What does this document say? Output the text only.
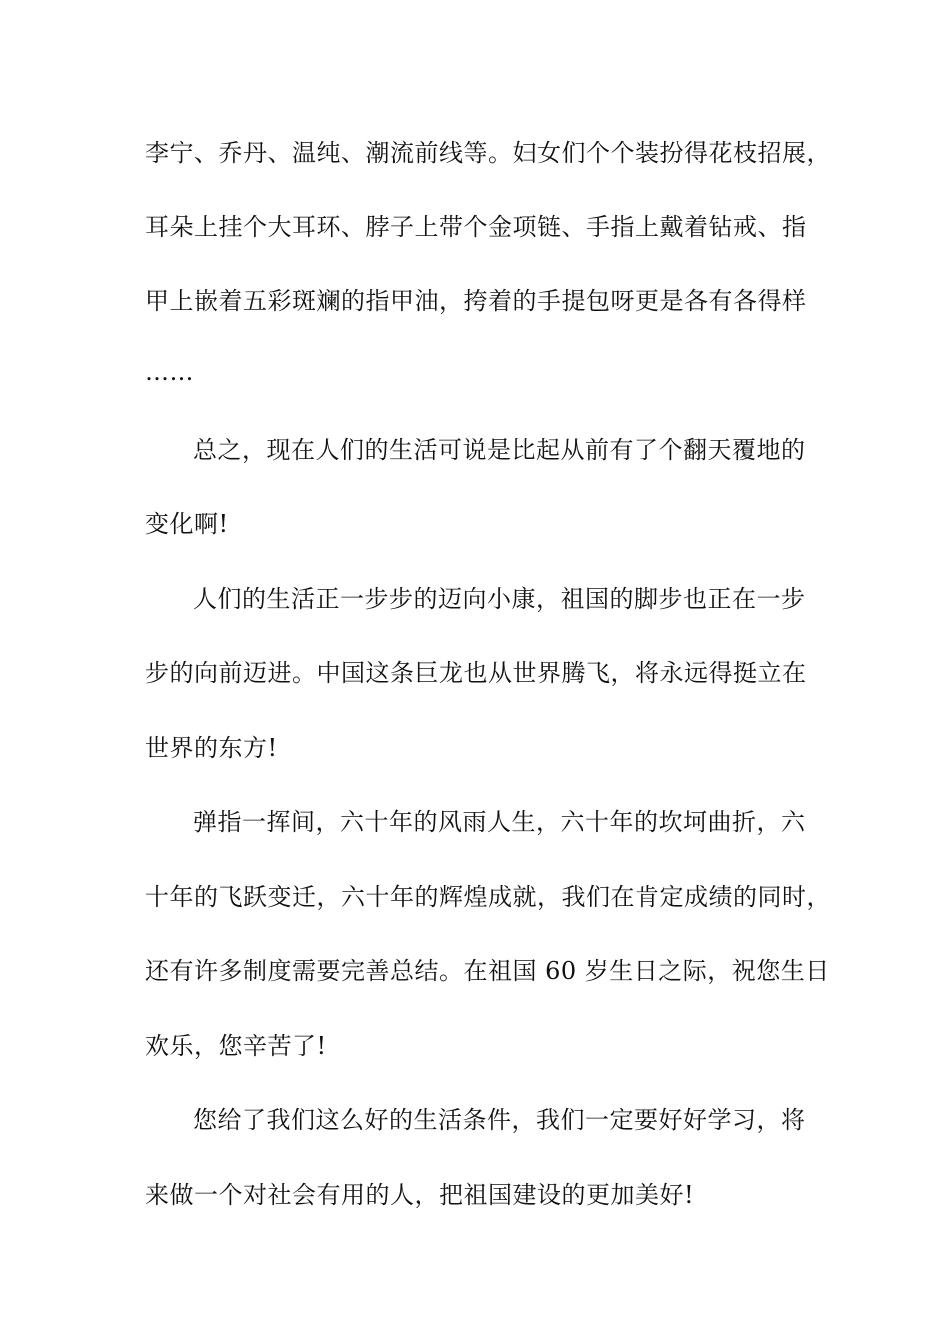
李宁、乔丹、温纯、潮流前线等。妇女们个个装扮得花枝招展，
耳朵上挂个大耳环、脖子上带个金项链、手指上戴着钻戒、指
甲上嵌着五彩斑斓的指甲油，挎着的手提包呀更是各有各得样
……
总之，现在人们的生活可说是比起从前有了个翻天覆地的
变化啊!
人们的生活正一步步的迈向小康，祖国的脚步也正在一步
步的向前迈进。中国这条巨龙也从世界腾飞，将永远得挺立在
世界的东方!
弹指一挥间，六十年的风雨人生，六十年的坎坷曲折，六
十年的飞跃变迁，六十年的辉煌成就，我们在肯定成绩的同时，
还有许多制度需要完善总结。在祖国 60 岁生日之际，祝您生日
欢乐，您辛苦了!
您给了我们这么好的生活条件，我们一定要好好学习，将
来做一个对社会有用的人，把祖国建设的更加美好!
